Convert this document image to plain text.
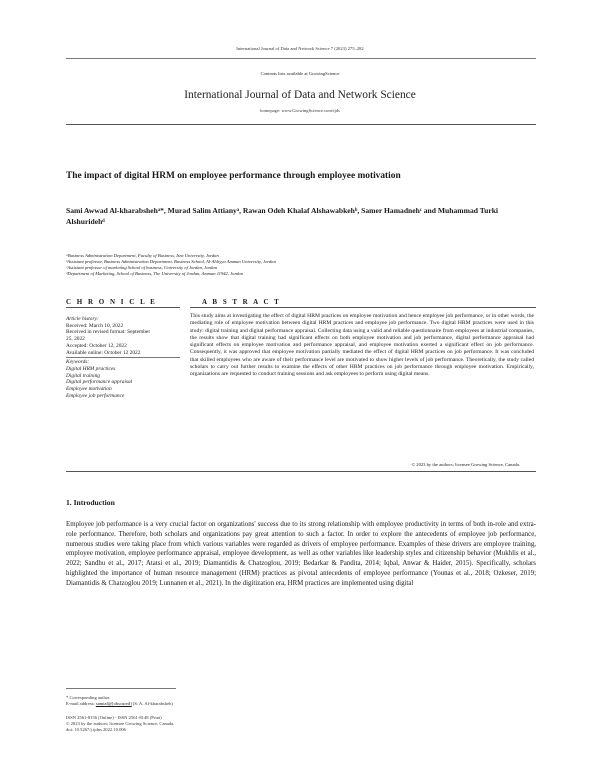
International Journal of Data and Network Science 7 (2023) 275–282
Contents lists available at GrowingScience
International Journal of Data and Network Science
homepage: www.GrowingScience.com/ijds
The impact of digital HRM on employee performance through employee motivation
Sami Awwad Al-kharabshehᵃ*, Murad Salim Attianyᵃ, Rawan Odeh Khalaf Alshawabkehᵇ, Samer Hamadnehᶜ and Muhammad Turki Alshuridehᵈ
ᵃBusiness Administration Department, Faculty of Business, Isra University, Jordan
ᵇAssistant professor, Business Administration Department, Business School, Al-Ahliyya Amman University, Jordan
ᶜAssistant professor of marketing School of business, University of Jordan, Jordan
ᵈDepartment of Marketing, School of Business, The University of Jordan, Amman 11942, Jordan
C H R O N I C L E	A B S T R A C T
Article history:
Received: March 10, 2022
Received in revised format: September 25, 2022
Accepted: October 12, 2022
Available online: October 12 2022
Keywords:
Digital HRM practices
Digital training
Digital performance appraisal
Employee motivation
Employee job performance
This study aims at investigating the effect of digital HRM practices on employee motivation and hence employee job performance, or in other words, the mediating role of employee motivation between digital HRM practices and employee job performance. Two digital HRM practices were used in this study: digital training and digital performance appraisal. Collecting data using a valid and reliable questionnaire from employees at industrial companies, the results show that digital training had significant effects on both employee motivation and job performance, digital performance appraisal had significant effects on employee motivation and performance appraisal, and employee motivation exerted a significant effect on job performance. Consequently, it was approved that employee motivation partially mediated the effect of digital HRM practices on job performance. It was concluded that skilled employees who are aware of their performance level are motivated to show higher levels of job performance. Theoretically, the study called scholars to carry out further results to examine the effects of other HRM practices on job performance through employee motivation. Empirically, organizations are requested to conduct training sessions and ask employees to perform using digital means.
© 2023 by the authors; licensee Growing Science, Canada.
1. Introduction
Employee job performance is a very crucial factor on organizations' success due to its strong relationship with employee productivity in terms of both in-role and extra-role performance. Therefore, both scholars and organizations pay great attention to such a factor. In order to explore the antecedents of employee job performance, numerous studies were taking place from which various variables were regarded as drivers of employee performance. Examples of these drivers are employee training, employee motivation, employee performance appraisal, employee development, as well as other variables like leadership styles and citizenship behavior (Mukhlis et al., 2022; Sandhu et al., 2017; Atatsi et al., 2019; Diamantidis & Chatzoglou, 2019; Bedarkar & Pandita, 2014; Iqbal, Anwar & Haider, 2015). Specifically, scholars highlighted the importance of human resource management (HRM) practices as pivotal antecedents of employee performance (Younas et al., 2018; Ozkeser, 2019; Diamantidis & Chatzoglou 2019; Lunnanen et al., 2021). In the digitization era, HRM practices are implemented using digital
* Corresponding author.
E-mail address: samial@[obscured] (S. A. Al-kharabsheh)
ISSN 2561-8156 (Online) - ISSN 2561-8148 (Print)
© 2023 by the authors; licensee Growing Science, Canada.
doi: 10.5267/j.ijdns.2022.10.006
